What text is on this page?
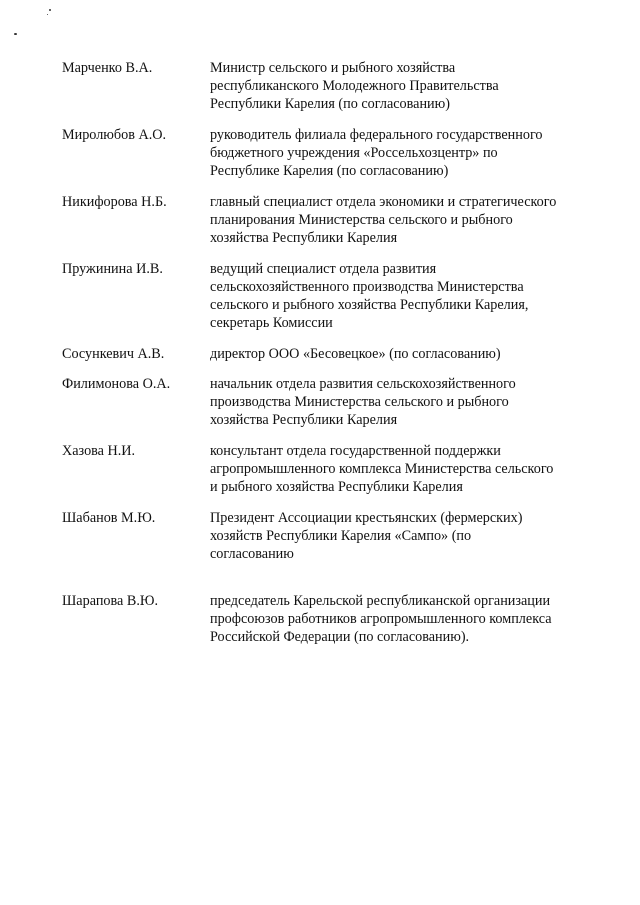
Марченко В.А.	Министр сельского и рыбного хозяйства
республиканского Молодежного Правительства
Республики Карелия (по согласованию)
Миролюбов А.О.	руководитель филиала федерального государственного
бюджетного учреждения «Россельхозцентр» по
Республике Карелия (по согласованию)
Никифорова Н.Б.	главный специалист отдела экономики и стратегического
планирования Министерства сельского и рыбного
хозяйства Республики Карелия
Пружинина И.В.	ведущий специалист отдела развития
сельскохозяйственного производства Министерства
сельского и рыбного хозяйства Республики Карелия,
секретарь Комиссии
Сосункевич А.В.	директор ООО «Бесовецкое» (по согласованию)
Филимонова О.А.	начальник отдела развития сельскохозяйственного
производства Министерства сельского и рыбного
хозяйства Республики Карелия
Хазова Н.И.	консультант отдела государственной поддержки
агропромышленного комплекса Министерства сельского
и рыбного хозяйства Республики Карелия
Шабанов М.Ю.	Президент Ассоциации крестьянских (фермерских)
хозяйств Республики Карелия «Сампо» (по
согласованию
Шарапова В.Ю.	председатель Карельской республиканской организации
профсоюзов работников агропромышленного комплекса
Российской Федерации (по согласованию).
